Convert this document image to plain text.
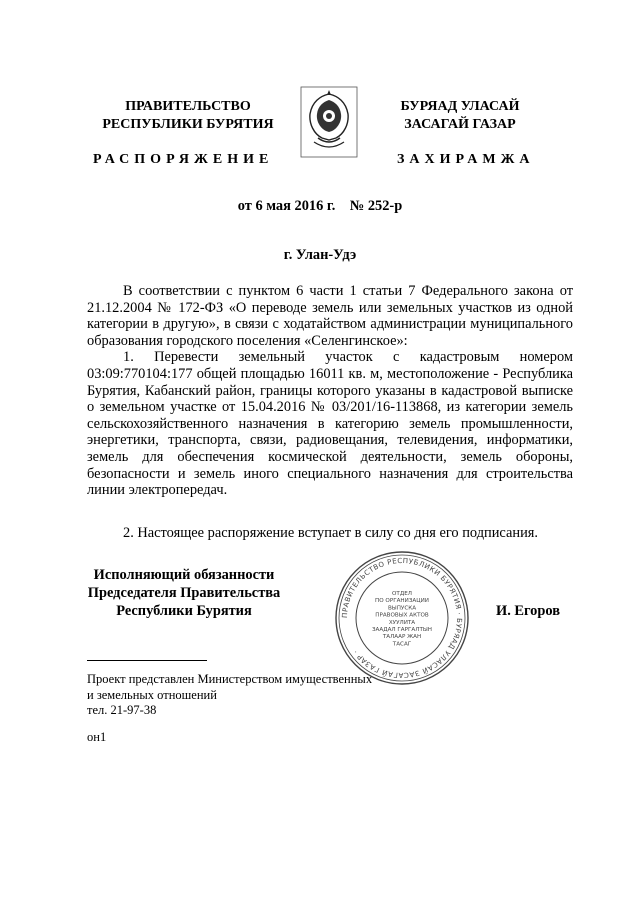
ПРАВИТЕЛЬСТВО
РЕСПУБЛИКИ БУРЯТИЯ
БУРЯАД УЛАСАЙ
ЗАСАГАЙ ГАЗАР
РАСПОРЯЖЕНИЕ	ЗАХИРАМЖА
от 6 мая 2016 г.    № 252-р
г. Улан-Удэ

В соответствии с пунктом 6 части 1 статьи 7 Федерального закона от 21.12.2004 № 172-ФЗ «О переводе земель или земельных участков из одной категории в другую», в связи с ходатайством администрации муниципального образования городского поселения «Селенгинское»:

1. Перевести земельный участок с кадастровым номером 03:09:770104:177 общей площадью 16011 кв. м, местоположение - Республика Бурятия, Кабанский район, границы которого указаны в кадастровой выписке о земельном участке от 15.04.2016 № 03/201/16-113868, из категории земель сельскохозяйственного назначения в категорию земель промышленности, энергетики, транспорта, связи, радиовещания, телевидения, информатики, земель для обеспечения космической деятельности, земель обороны, безопасности и земель иного специального назначения для строительства линии электропередач.

2. Настоящее распоряжение вступает в силу со дня его подписания.

Исполняющий обязанности
Председателя Правительства
Республики Бурятия	И. Егоров
ПРАВИТЕЛЬСТВО РЕСПУБЛИКИ БУРЯТИЯ · БУРЯАД УЛАСАЙ ЗАСАГАЙ ГАЗАР ·
ОТДЕЛ
ПО ОРГАНИЗАЦИИ
ВЫПУСКА
ПРАВОВЫХ АКТОВ
ХУУЛИТА
ЗААДАЛ ГАРГАЛТЫН
ТАЛААР ЖАН
ТАСАГ
Проект представлен Министерством имущественных
и земельных отношений
тел. 21-97-38
он1
